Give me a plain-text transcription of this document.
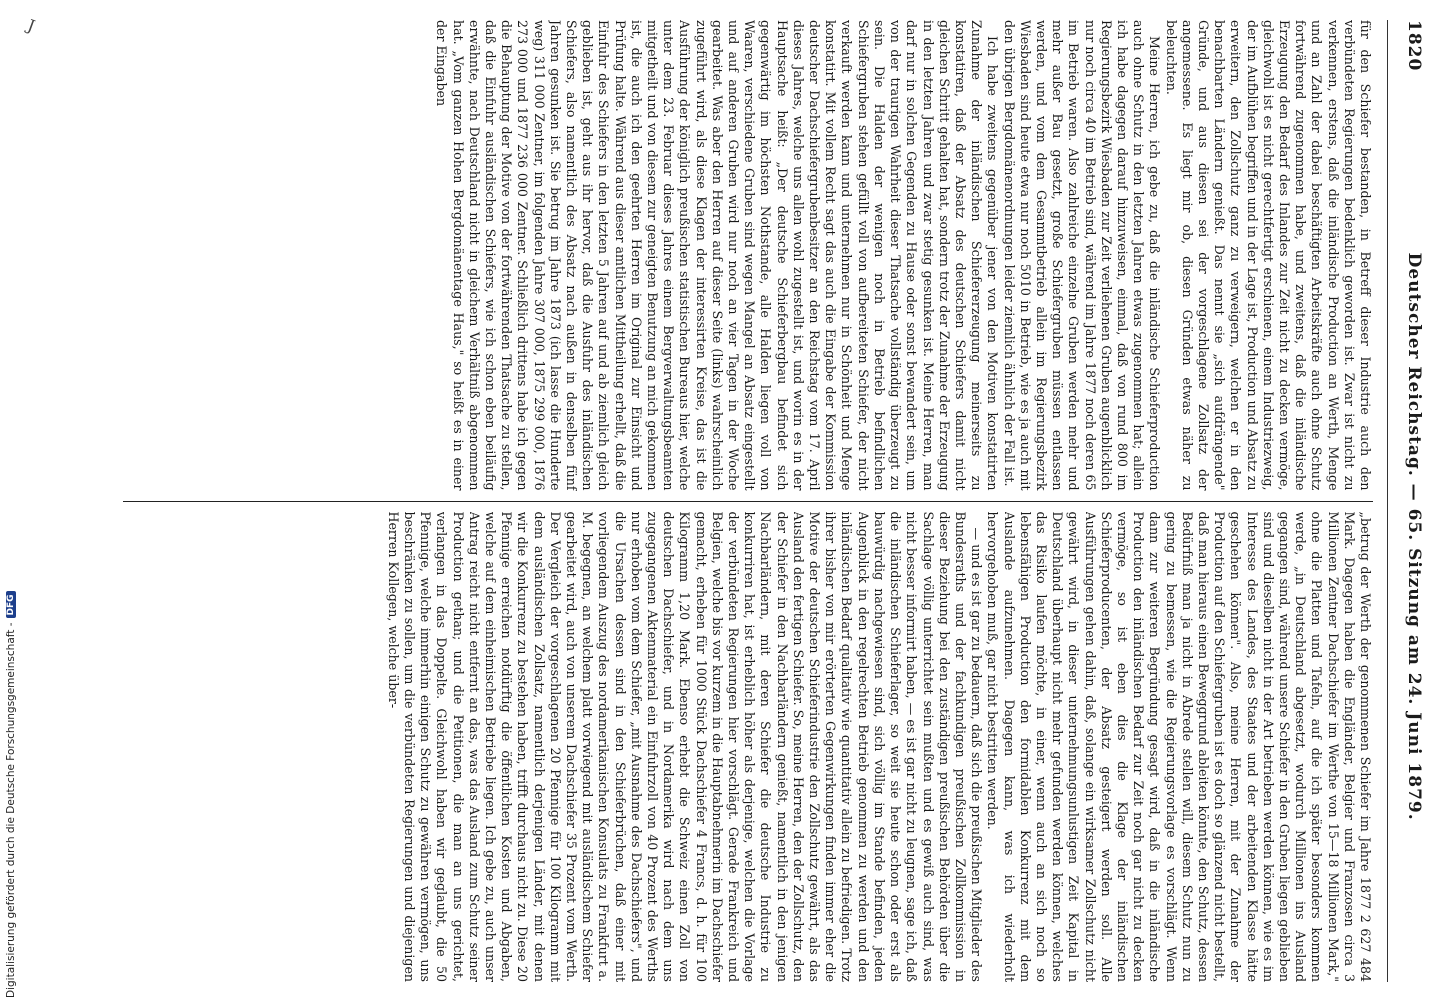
1820
Deutscher Reichstag. — 65. Sitzung am 24. Juni 1879.

für den Schiefer bestanden, in Betreff dieser Industrie auch den verbündeten Regierungen bedenklich geworden ist. Zwar ist nicht zu verkennen, erstens, daß die inländische Production an Werth, Menge und an Zahl der dabei beschäftigten Arbeitskräfte auch ohne Schutz fortwährend zugenommen habe, und zweitens, daß die inländische Erzeugung den Bedarf des Inlandes zur Zeit nicht zu decken vermöge, gleichwohl ist es nicht gerechtfertigt erschienen, einem Industriezweig, der im Aufblühen begriffen und in der Lage ist, Production und Absatz zu erweitern, den Zollschutz ganz zu verweigern, welchen er in den benachbarten Ländern genießt. Das nennt sie „sich aufdrängende" Gründe, und aus diesen sei der vorgeschlagene Zollsatz der angemessene. Es liegt mir ob, diesen Gründen etwas näher zu beleuchten.

Meine Herren, ich gebe zu, daß die inländische Schieferproduction auch ohne Schutz in den letzten Jahren etwas zugenommen hat; allein ich habe dagegen darauf hinzuweisen, einmal, daß von rund 800 im Regierungsbezirk Wiesbaden zur Zeit verliehenen Gruben augenblicklich nur noch circa 40 im Betrieb sind, während im Jahre 1877 noch deren 65 im Betrieb waren. Also zahlreiche einzelne Gruben werden mehr und mehr außer Bau gesetzt, große Schiefergruben müssen entlassen werden, und vom dem Gesammtbetrieb allein im Regierungsbezirk Wiesbaden sind heute etwa nur noch 5010 in Betrieb, wie es ja auch mit den übrigen Bergdomänenordnungen leider ziemlich ähnlich der Fall ist.

Ich habe zweitens gegenüber jener von den Motiven konstatirten Zunahme der inländischen Schiefererzeugung meinerseits zu konstatiren, daß der Absatz des deutschen Schiefers damit nicht gleichen Schritt gehalten hat, sondern trotz der Zunahme der Erzeugung in den letzten Jahren und zwar stetig gesunken ist. Meine Herren, man darf nur in solchen Gegenden zu Hause oder sonst bewandert sein, um von der traurigen Wahrheit dieser Thatsache vollständig überzeugt zu sein. Die Halden der wenigen noch in Betrieb befindlichen Schiefergruben stehen gefüllt voll von aufbereiteten Schiefer, der nicht verkauft werden kann und unternehmen nur in Schönheit und Menge konstatirt. Mit vollem Recht sagt das auch die Eingabe der Kommission deutscher Dachschiefergrubenbesitzer an den Reichstag vom 17. April dieses Jahres, welche uns allen wohl zugestellt ist, und worin es in der Hauptsache heißt: „Der deutsche Schieferbergbau befindet sich gegenwärtig im höchsten Nothstande, alle Halden liegen voll von Waaren, verschiedene Gruben sind wegen Mangel an Absatz eingestellt und auf anderen Gruben wird nur noch an vier Tagen in der Woche gearbeitet. Was aber den Herren auf dieser Seite (links) wahrscheinlich zugeführt wird, als diese Klagen der interessirten Kreise, das ist die Ausführung der königlich preußischen statistischen Bureaus hier, welche unter dem 23. Februar dieses Jahres einem Bergverwaltungsbeamten mitgetheilt und von diesem zur geneigten Benutzung an mich gekommen ist, die auch ich den geehrten Herren im Original zur Einsicht und Prüfung halte. Während aus dieser amtlichen Mittheilung erhellt, daß die Einfuhr des Schiefers in den letzten 5 Jahren auf und ab ziemlich gleich geblieben ist, geht aus ihr hervor, daß die Ausfuhr des inländischen Schiefers, also namentlich des Absatz nach außen in denselben fünf Jahren gesunken ist. Sie betrug im Jahre 1873 (ich lasse die Hunderte weg) 311 000 Zentner, im folgenden Jahre 307 000, 1875 299 000, 1876 273 000 und 1877 236 000 Zentner. Schließlich drittens habe ich gegen die Behauptung der Motive von der fortwährenden Thatsache zu stellen, daß die Einfuhr ausländischen Schiefers, wie ich schon eben beiläufig erwähnte, nach Deutschland nicht in gleichem Verhältniß abgenommen hat. „Vom ganzen Hohen Bergdomänentage Haus," so heißt es in einer der Eingaben

„betrug der Werth der genommenen Schiefer im Jahre 1877 2 627 484 Mark. Dagegen haben die Engländer, Belgier und Franzosen circa 3 Millionen Zentner Dachschiefer im Werthe von 15—18 Millionen Mark," ohne die Platten und Tafeln, auf die ich später besonders kommen werde, „in Deutschland abgesetzt, wodurch Millionen ins Ausland gegangen sind, während unsere Schiefer in den Gruben liegen geblieben sind und dieselben nicht in der Art betrieben werden können, wie es im Interesse des Landes, des Staates und der arbeitenden Klasse hätte geschehen können". Also, meine Herren, mit der Zunahme der Production auf den Schiefergruben ist es doch so glänzend nicht bestellt, daß man hieraus einen Beweggrund ableiten könnte, den Schutz, dessen Bedürfniß man ja nicht in Abrede stellen will, diesem Schutz nun zu gering zu bemessen, wie die Regierungsvorlage es vorschlägt. Wenn dann zur weiteren Begründung gesagt wird, daß in die inländische Production den inländischen Bedarf zur Zeit noch gar nicht zu decken vermöge, so ist eben dies die Klage der inländischen Schieferproducenten, der Absatz gesteigert werden soll. Alle Ausführungen gehen dahin, daß, solange ein wirksamer Zollschutz nicht gewährt wird, in dieser unternehmungsunlustigen Zeit Kapital in Deutschland überhaupt nicht mehr gefunden werden können, welches das Risiko laufen möchte, in einer, wenn auch an sich noch so lebensfähigen Production den formidablen Konkurrenz mit dem Auslande aufzunehmen. Dagegen kann, was ich wiederholt hervorgehoben muß, gar nicht bestritten werden.

— und es ist gar zu bedauern, daß sich die preußischen Mitglieder des Bundesraths und der fachkundigen preußischen Zollkommission in dieser Beziehung bei den zuständigen preußischen Behörden über die Sachlage völlig unterrichtet sein mußten und es gewiß auch sind, was nicht besser informirt haben, — es ist gar nicht zu leugnen, sage ich, daß die inländischen Schieferlager, so weit sie heute schon oder erst als bauwürdig nachgewiesen sind, sich völlig im Stande befinden, jeden Augenblick in den regelrechten Betrieb genommen zu werden und den inländischen Bedarf qualitativ wie quantitativ allein zu befriedigen. Trotz ihrer bisher von mir erörterten Gegenwirkungen finden immer eher die Motive der deutschen Schieferindustrie den Zollschutz gewährt, als das Ausland den fertigen Schiefer. So, meine Herren, den der Zollschutz, den der Schiefer in den Nachbarländern genießt, namentlich in den jenigen Nachbarländern, mit deren Schiefer die deutsche Industrie zu konkurriren hat, ist erheblich höher als derjenige, welchen die Vorlage der verbündeten Regierungen hier vorschlägt. Gerade Frankreich und Belgien, welche bis vor kurzem in die Hauptabnehmerin im Dachschiefer gemacht, erheben für 1000 Stück Dachschiefer 4 Francs, d. h. für 100 Kilogramm 1,20 Mark. Ebenso erhebt die Schweiz einen Zoll von deutschen Dachschiefer, und in Nordamerika wird nach dem uns zugegangenen Aktenmaterial ein Einfuhrzoll von 40 Prozent des Werths nur erhoben vom dem Schiefer, „mit Ausnahme des Dachschiefers", und die Ursachen dessen sind in den Schieferbrüchen, daß einer mit vorliegendem Auszug des nordamerikanischen Konsulats zu Frankfurt a. M. begegnen, an welchem platt vorwiegend mit ausländischem Schiefer gearbeitet wird, auch von unserem Dachschiefer 35 Prozent vom Werth. Der Vergleich der vorgeschlagenen 20 Pfennige für 100 Kilogramm mit dem ausländischen Zollsatz, namentlich derjenigen Länder, mit denen wir die Konkurrenz zu bestehen haben, trifft durchaus nicht zu. Diese 20 Pfennige erreichen notdürftig die öffentlichen Kosten und Abgaben, welche auf dem einheimischen Betriebe liegen. Ich gebe zu, auch unser Antrag reicht nicht entfernt an das, was das Ausland zum Schutz seiner Production gethan; und die Petitionen, die man an uns gerichtet, verlangen in das Doppelte. Gleichwohl haben wir geglaubt, die 50 Pfennige, welche immerhin einigen Schutz zu gewähren vermögen, uns beschränken zu sollen, um die verbündeten Regierungen und diejenigen Herren Kollegen, welche über-

J
Digitalisierung gefördert durch die Deutsche Forschungsgemeinschaft -
DFG
